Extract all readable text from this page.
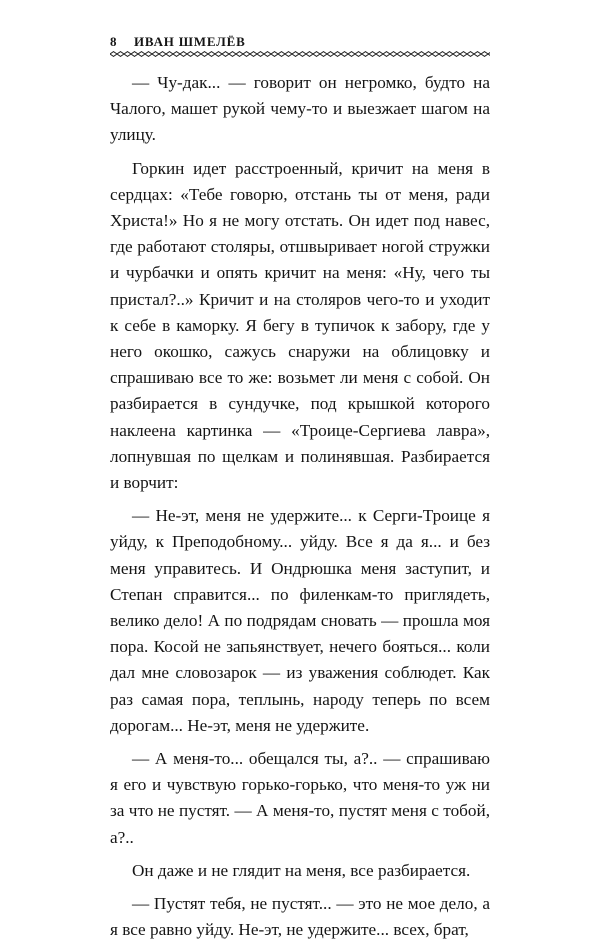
8 ИВАН ШМЕЛЁВ

— Чу-дак... — говорит он негромко, будто на Чалого, машет рукой чему-то и выезжает шагом на улицу.

Горкин идет расстроенный, кричит на меня в сердцах: «Тебе говорю, отстань ты от меня, ради Христа!» Но я не могу отстать. Он идет под навес, где работают столяры, отшвыривает ногой стружки и чурбачки и опять кричит на меня: «Ну, чего ты пристал?..» Кричит и на столяров чего-то и уходит к себе в каморку. Я бегу в тупичок к забору, где у него окошко, сажусь снаружи на облицовку и спрашиваю все то же: возьмет ли меня с собой. Он разбирается в сундучке, под крышкой которого наклеена картинка — «Троице-Сергиева лавра», лопнувшая по щелкам и полинявшая. Разбирается и ворчит:

— Не-эт, меня не удержите... к Серги-Троице я уйду, к Преподобному... уйду. Все я да я... и без меня управитесь. И Ондрюшка меня заступит, и Степан справится... по филенкам-то приглядеть, велико дело! А по подрядам сновать — прошла моя пора. Косой не запьянствует, нечего бояться... коли дал мне словозарок — из уважения соблюдет. Как раз самая пора, теплынь, народу теперь по всем дорогам... Не-эт, меня не удержите.

— А меня-то... обещался ты, а?.. — спрашиваю я его и чувствую горько-горько, что меня-то уж ни за что не пустят. — А меня-то, пустят меня с тобой, а?..

Он даже и не глядит на меня, все разбирается.

— Пустят тебя, не пустят... — это не мое дело, а я все равно уйду. Не-эт, не удержите... всех, брат,
